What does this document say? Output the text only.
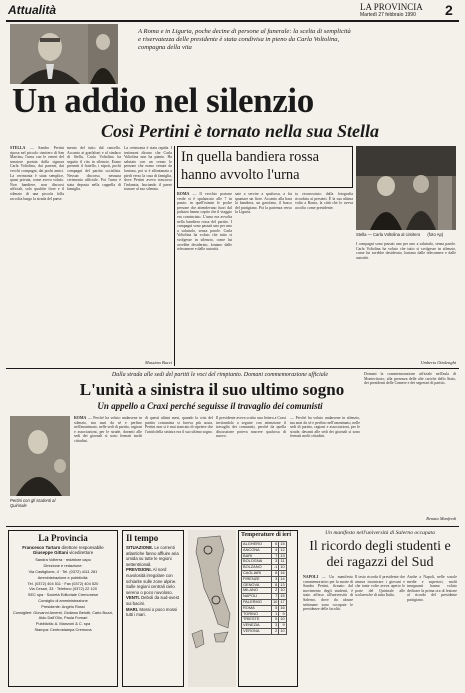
Attualità	LA PROVINCIA
Martedì 27 febbraio 1990 2
A Roma e in Liguria, poche decine di persone al funerale: la scelta di semplicità e riservatezza delle presidente è stata condivisa in pieno da Carla Voltolina, compagna della vita
Un addio nel silenzio
Così Pertini è tornato nella sua Stella
STELLA — Sandro Pertini riposa nel piccolo cimitero di San Martino, l'urna con le ceneri del senatore portata dalla signora Carla Voltolina, dai parenti, dai vecchi compagni, dai pochi amici. La cerimonia è stata semplice, quasi privata, come aveva voluto. Non bandiere, non discorsi ufficiali, solo qualche fiore e il silenzio di una piccola folla raccolta lungo la strada del paese.
mento del tutto dal cancello. Accanto ai gonfaloni e al sindaco di Stella, Carla Voltolina ha seguito il rito in silenzio. Erano presenti il fratello, i nipoti, pochi compagni del partito socialista. Nessun discorso, nessuna cerimonia ufficiale. Poi l'urna è stata deposta nella cappella di famiglia.
La cerimonia è stata rapida. I testimoni dicono che Carla Voltolina non ha pianto. Ha salutato con un cenno le persone che erano venute da lontano, poi si è allontanata a piedi verso la casa di famiglia, dove Pertini aveva trascorso l'infanzia, lasciando il paese tornare al suo silenzio.
Massimo Bucci
In quella bandiera rossa hanno avvolto l'urna
Stella — Carla Voltolina al cimitero (foto Ap)
ROMA — Il vecchio portone verde si è spalancato alle 7 in punto: in quell'istante le poche persone che attendevano fuori dal palazzo hanno capito che il viaggio era cominciato. L'urna era avvolta nella bandiera rossa del partito. I compagni sono passati uno per uno a salutarlo, senza parole. Carla Voltolina ha voluto che tutto si svolgesse in silenzio, come lui avrebbe desiderato, lontano dalle telecamere e dalle autorità.
sate a servire a qualcosa, a far spuntare un fiore. Accanto alla bara la bandiera, un garofano, il basco del partigiano. Poi la partenza verso la Liguria.
ta riconosciuto dalla fotografia ricordata ai presenti. È la sua ultima volta a Roma, la città che lo aveva accolto come presidente.
I compagni sono passati uno per uno a salutarlo, senza parole. Carla Voltolina ha voluto che tutto si svolgesse in silenzio, come lui avrebbe desiderato, lontano dalle telecamere e dalle autorità.
Umberto Ottolenghi
Dalla strada alle sedi del partiti le voci del rimpianto. Domani commemorazione ufficiale
L'unità a sinistra il suo ultimo sogno
Un appello a Craxi perché seguisse il travaglio dei comunisti
Pertini con gli studenti al Quirinale
ROMA — Perché ha voluto andarsene in silenzio, ma anzi da sé e perfino nell'anonimato, nelle sedi di partito, ragioni e associazioni, per le strade, davanti alle sedi dei giornali si sono fermati molti cittadini.
di questi ultimi mesi, quando la crisi del partito comunista si faceva più acuta, Pertini non si è mai stancato di ripetere che l'unità della sinistra era il suo ultimo sogno.
Il presidente aveva scritto una lettera a Craxi invitandolo a seguire con attenzione il travaglio dei comunisti, perché da quella discussione poteva nascere qualcosa di nuovo.
— Perché ha voluto andarsene in silenzio, ma anzi da sé e perfino nell'anonimato, nelle sedi di partito, ragioni e associazioni, per le strade, davanti alle sedi dei giornali si sono fermati molti cittadini.
Domani la commemorazione ufficiale nell'aula di Montecitorio, alla presenza delle alte cariche dello Stato, dei presidenti delle Camere e dei segretari di partito.
Renata Manfredi
La Provincia
Francesco Tartaro direttore responsabile
Giuseppe Gittani vicedirettore
Sandra Volterra · redattore capo
Direzione e redazione:
Via Castiglione, 4 · Tel. (0372) 4111 281
Amministrazione e pubblicità:
Tel. (0372) 404 511 · Fax (0372) 404 520
Via Cesari, 33 · Telefono (0372) 22 120
SEC spa · Società Editoriale Cremonese
Consiglio di amministrazione
Presidente: Angelo Rossi
Consiglieri: Giovanni Amenti, Giuliano Belotti, Carlo Bozzi, Aldo Dall'Olio, Paola Fornari
Pubblicità: A. Manzoni & C. spa
Stampa: Centrostampa Cremona
Il tempo
SITUAZIONE. Le correnti atlantiche fanno affluire aria umida su tutte le regioni settentrionali.
PREVISIONI. Al nord nuvolosità irregolare con schiarite sulle zone alpine. Sulle regioni centrali cielo sereno o poco nuvoloso.
VENTI. Deboli da sud-ovest sui bacini.
MARI. Mossi o poco mossi tutti i mari.
Temperature di ieri
ALGHERO	6	15
ANCONA	4	12
BARI	7	13
BOLOGNA	3	11
BOLZANO	-1	10
CAGLIARI	8	16
FIRENZE	3	14
GENOVA	8	13
MILANO	2	10
NAPOLI	7	15
PALERMO	10	17
ROMA	5	16
TORINO	1	9
TRIESTE	5	10
VENEZIA	3	9
VERONA	2	10
Un manifesto nell'università di Salerno occupata
Il ricordo degli studenti e dei ragazzi del Sud
NAPOLI — Un manifesto commemorativo per la morte di Sandro Pertini, firmato dal movimento degli studenti, è stato affisso all'università di Salerno, dove da alcune settimane sono occupate le presidenze delle facoltà.
Il testo ricorda il presidente che amava incontrare i giovani e che tante volte aveva aperto le porte del Quirinale alle scolaresche di tutta Italia.
Anche a Napoli, nelle scuole medie e superiori, molti insegnanti hanno voluto dedicare la prima ora di lezione al ricordo del presidente partigiano.
